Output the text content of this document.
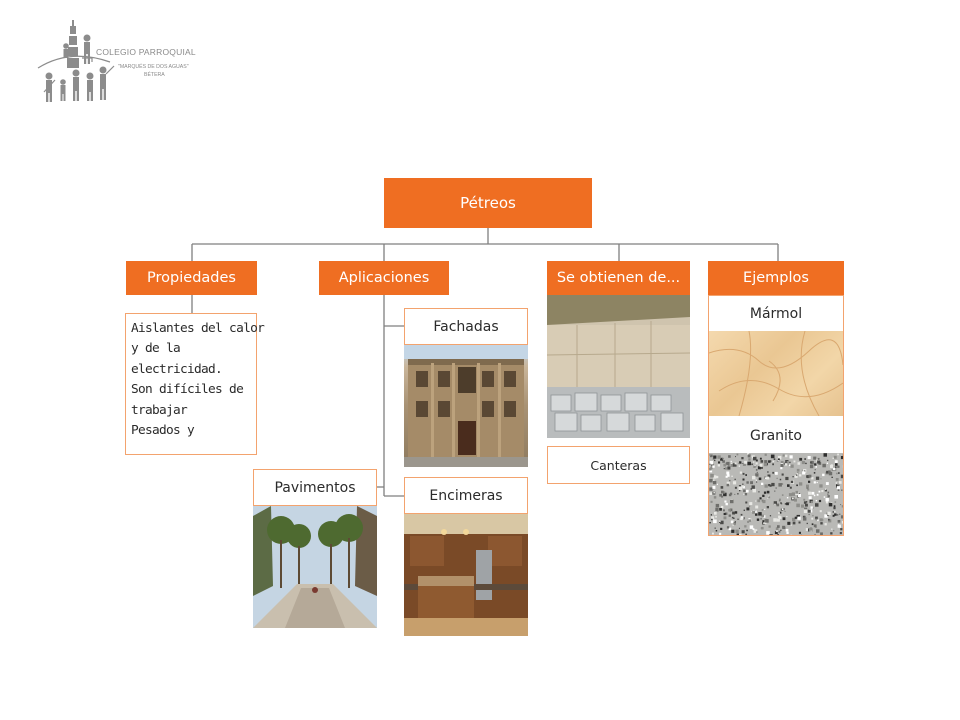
COLEGIO PARROQUIAL
"MARQUÉS DE DOS AGUAS"
BÉTERA
Pétreos
Propiedades	Aplicaciones	Se obtienen de...	Ejemplos
Aislantes del calor
y de la
electricidad.
Son difíciles de
trabajar
Pesados y
Fachadas
Encimeras
Pavimentos
Canteras
Mármol
Granito
